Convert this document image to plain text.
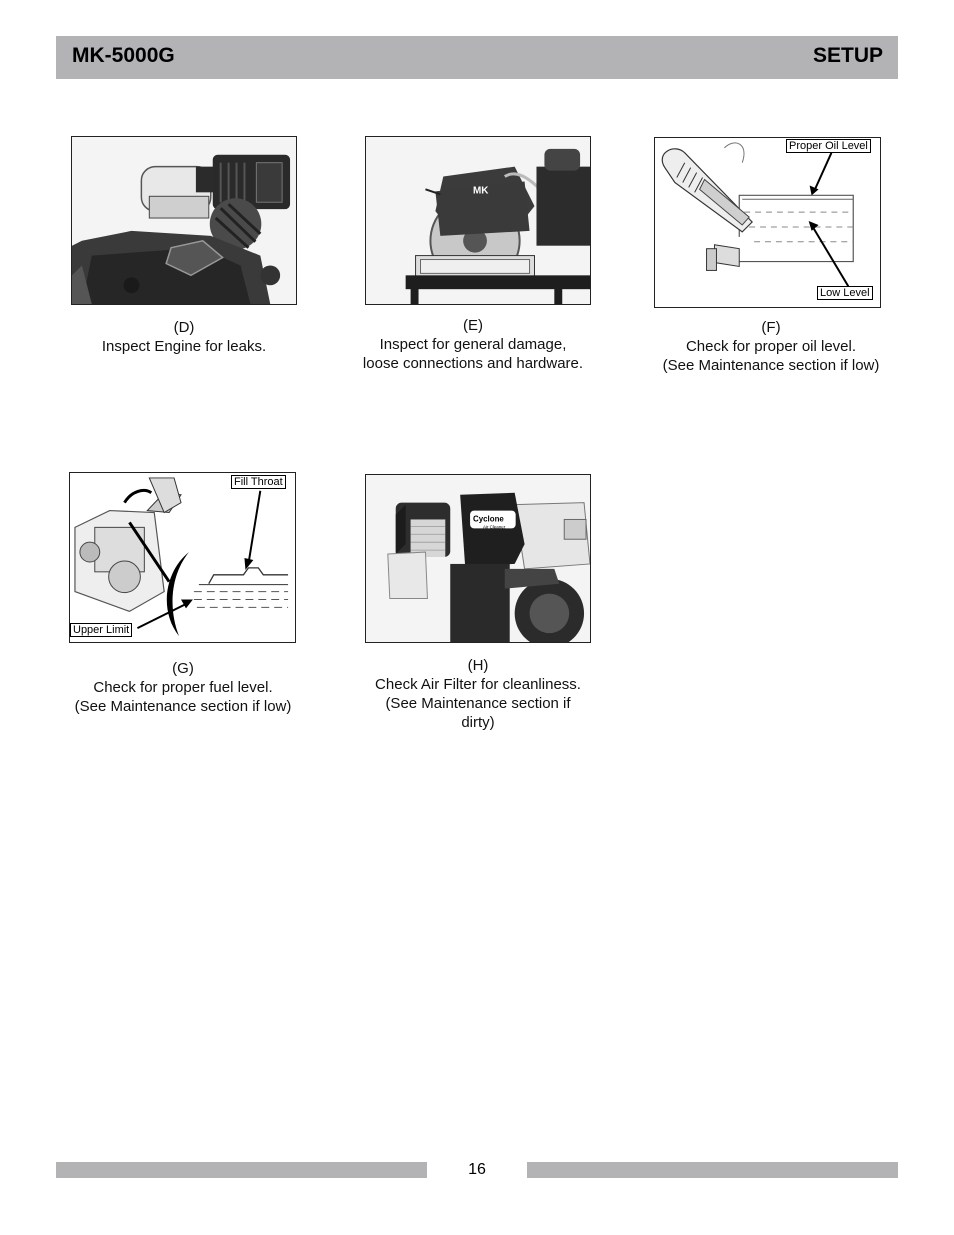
MK-5000G	SETUP
(D)
Inspect Engine for leaks.
MK
(E)
Inspect for general damage,
loose connections and hardware.
Proper Oil Level
Low Level
(F)
Check for proper oil level.
(See Maintenance section if low)
Fill Throat
Upper Limit
(G)
Check for proper fuel level.
(See Maintenance section if low)
Cyclone
Air Cleaner
(H)
Check Air Filter for cleanliness.
(See Maintenance section if
dirty)
16
